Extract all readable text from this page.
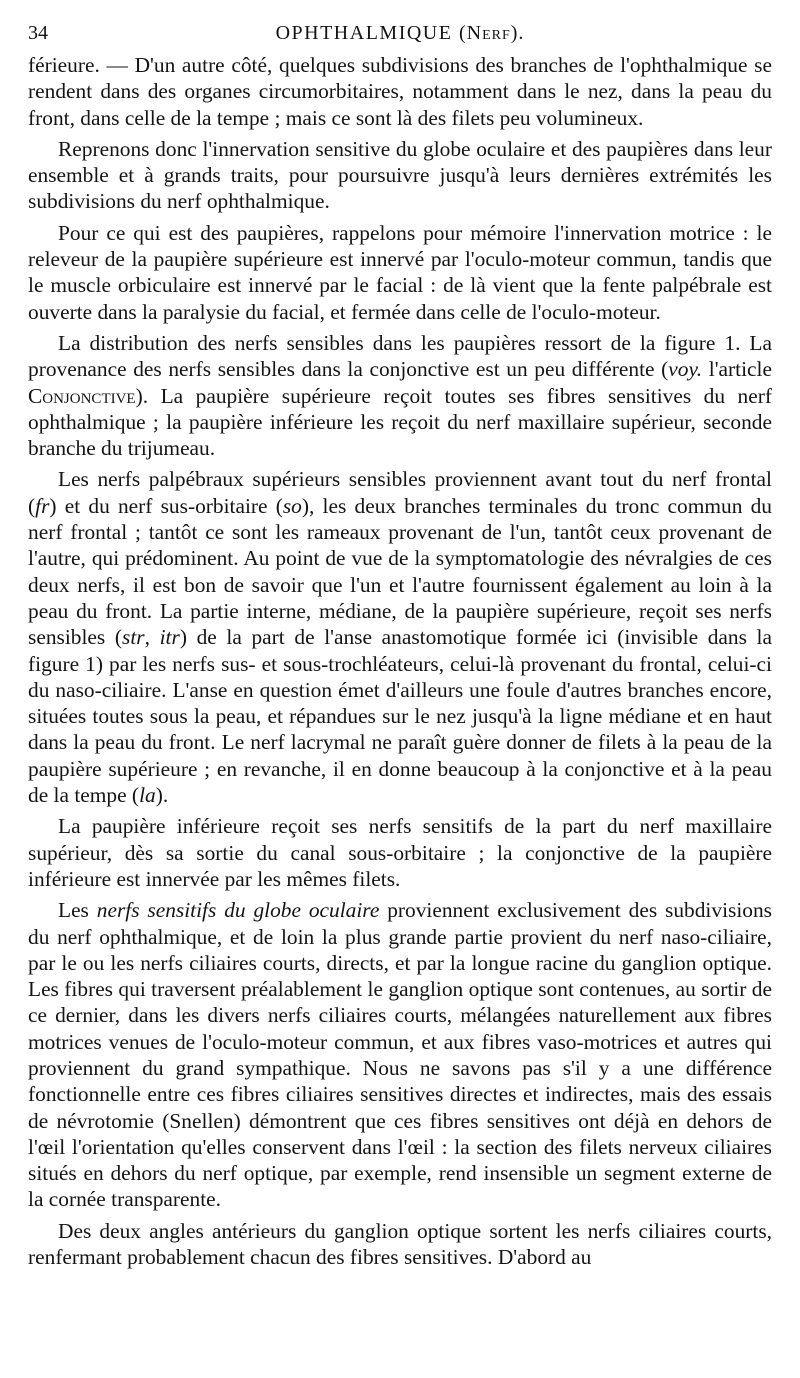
34	OPHTHALMIQUE (Nerf).

férieure. — D'un autre côté, quelques subdivisions des branches de l'ophthalmique se rendent dans des organes circumorbitaires, notamment dans le nez, dans la peau du front, dans celle de la tempe ; mais ce sont là des filets peu volumineux.

Reprenons donc l'innervation sensitive du globe oculaire et des paupières dans leur ensemble et à grands traits, pour poursuivre jusqu'à leurs dernières extrémités les subdivisions du nerf ophthalmique.

Pour ce qui est des paupières, rappelons pour mémoire l'innervation motrice : le releveur de la paupière supérieure est innervé par l'oculo-moteur commun, tandis que le muscle orbiculaire est innervé par le facial : de là vient que la fente palpébrale est ouverte dans la paralysie du facial, et fermée dans celle de l'oculo-moteur.

La distribution des nerfs sensibles dans les paupières ressort de la figure 1. La provenance des nerfs sensibles dans la conjonctive est un peu différente (voy. l'article Conjonctive). La paupière supérieure reçoit toutes ses fibres sensitives du nerf ophthalmique ; la paupière inférieure les reçoit du nerf maxillaire supérieur, seconde branche du trijumeau.

Les nerfs palpébraux supérieurs sensibles proviennent avant tout du nerf frontal (fr) et du nerf sus-orbitaire (so), les deux branches terminales du tronc commun du nerf frontal ; tantôt ce sont les rameaux provenant de l'un, tantôt ceux provenant de l'autre, qui prédominent. Au point de vue de la symptomatologie des névralgies de ces deux nerfs, il est bon de savoir que l'un et l'autre fournissent également au loin à la peau du front. La partie interne, médiane, de la paupière supérieure, reçoit ses nerfs sensibles (str, itr) de la part de l'anse anastomotique formée ici (invisible dans la figure 1) par les nerfs sus- et sous-trochléateurs, celui-là provenant du frontal, celui-ci du naso-ciliaire. L'anse en question émet d'ailleurs une foule d'autres branches encore, situées toutes sous la peau, et répandues sur le nez jusqu'à la ligne médiane et en haut dans la peau du front. Le nerf lacrymal ne paraît guère donner de filets à la peau de la paupière supérieure ; en revanche, il en donne beaucoup à la conjonctive et à la peau de la tempe (la).

La paupière inférieure reçoit ses nerfs sensitifs de la part du nerf maxillaire supérieur, dès sa sortie du canal sous-orbitaire ; la conjonctive de la paupière inférieure est innervée par les mêmes filets.

Les nerfs sensitifs du globe oculaire proviennent exclusivement des subdivisions du nerf ophthalmique, et de loin la plus grande partie provient du nerf naso-ciliaire, par le ou les nerfs ciliaires courts, directs, et par la longue racine du ganglion optique. Les fibres qui traversent préalablement le ganglion optique sont contenues, au sortir de ce dernier, dans les divers nerfs ciliaires courts, mélangées naturellement aux fibres motrices venues de l'oculo-moteur commun, et aux fibres vaso-motrices et autres qui proviennent du grand sympathique. Nous ne savons pas s'il y a une différence fonctionnelle entre ces fibres ciliaires sensitives directes et indirectes, mais des essais de névrotomie (Snellen) démontrent que ces fibres sensitives ont déjà en dehors de l'œil l'orientation qu'elles conservent dans l'œil : la section des filets nerveux ciliaires situés en dehors du nerf optique, par exemple, rend insensible un segment externe de la cornée transparente.

Des deux angles antérieurs du ganglion optique sortent les nerfs ciliaires courts, renfermant probablement chacun des fibres sensitives. D'abord au
